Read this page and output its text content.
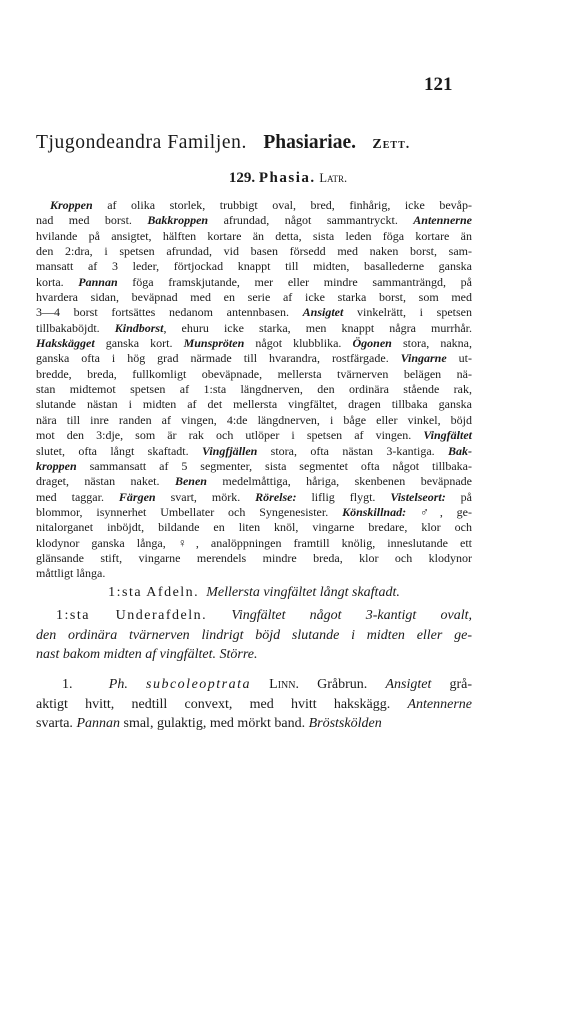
121
Tjugondeandra Familjen. Phasiariae. Zett.
129. Phasia. Latr.
Kroppen af olika storlek, trubbigt oval, bred, finhårig, icke bevåp-
nad med borst. Bakkroppen afrundad, något sammantryckt. Antennerne
hvilande på ansigtet, hälften kortare än detta, sista leden föga kortare än
den 2:dra, i spetsen afrundad, vid basen försedd med naken borst, sam-
mansatt af 3 leder, förtjockad knappt till midten, basallederne ganska
korta. Pannan föga framskjutande, mer eller mindre sammanträngd, på
hvardera sidan, beväpnad med en serie af icke starka borst, som med
3—4 borst fortsättes nedanom antennbasen. Ansigtet vinkelrätt, i spetsen
tillbakaböjdt. Kindborst, ehuru icke starka, men knappt några murrhår.
Hakskägget ganska kort. Munspröten något klubblika. Ögonen stora, nakna,
ganska ofta i hög grad närmade till hvarandra, rostfärgade. Vingarne ut-
bredde, breda, fullkomligt obeväpnade, mellersta tvärnerven belägen nä-
stan midtemot spetsen af 1:sta längdnerven, den ordinära stående rak,
slutande nästan i midten af det mellersta vingfältet, dragen tillbaka ganska
nära till inre randen af vingen, 4:de längdnerven, i båge eller vinkel, böjd
mot den 3:dje, som är rak och utlöper i spetsen af vingen. Vingfältet
slutet, ofta långt skaftadt. Vingfjällen stora, ofta nästan 3-kantiga. Bak-
kroppen sammansatt af 5 segmenter, sista segmentet ofta något tillbaka-
draget, nästan naket. Benen medelmåttiga, håriga, skenbenen beväpnade
med taggar. Färgen svart, mörk. Rörelse: liflig flygt. Vistelseort: på
blommor, isynnerhet Umbellater och Syngenesister. Könskillnad: ♂, ge-
nitalorganet inböjdt, bildande en liten knöl, vingarne bredare, klor och
klodynor ganska långa, ♀, analöppningen framtill knölig, inneslutande ett
glänsande stift, vingarne merendels mindre breda, klor och klodynor
måttligt långa.
1:sta Afdeln. Mellersta vingfältet långt skaftadt.
1:sta Underafdeln. Vingfältet något 3-kantigt ovalt,
den ordinära tvärnerven lindrigt böjd slutande i midten eller ge-
nast bakom midten af vingfältet. Större.
1.	Ph. subcoleoptrata Linn. Gråbrun. Ansigtet grå-
aktigt hvitt, nedtill convext, med hvitt hakskägg. Antennerne
svarta. Pannan smal, gulaktig, med mörkt band. Bröstskölden
